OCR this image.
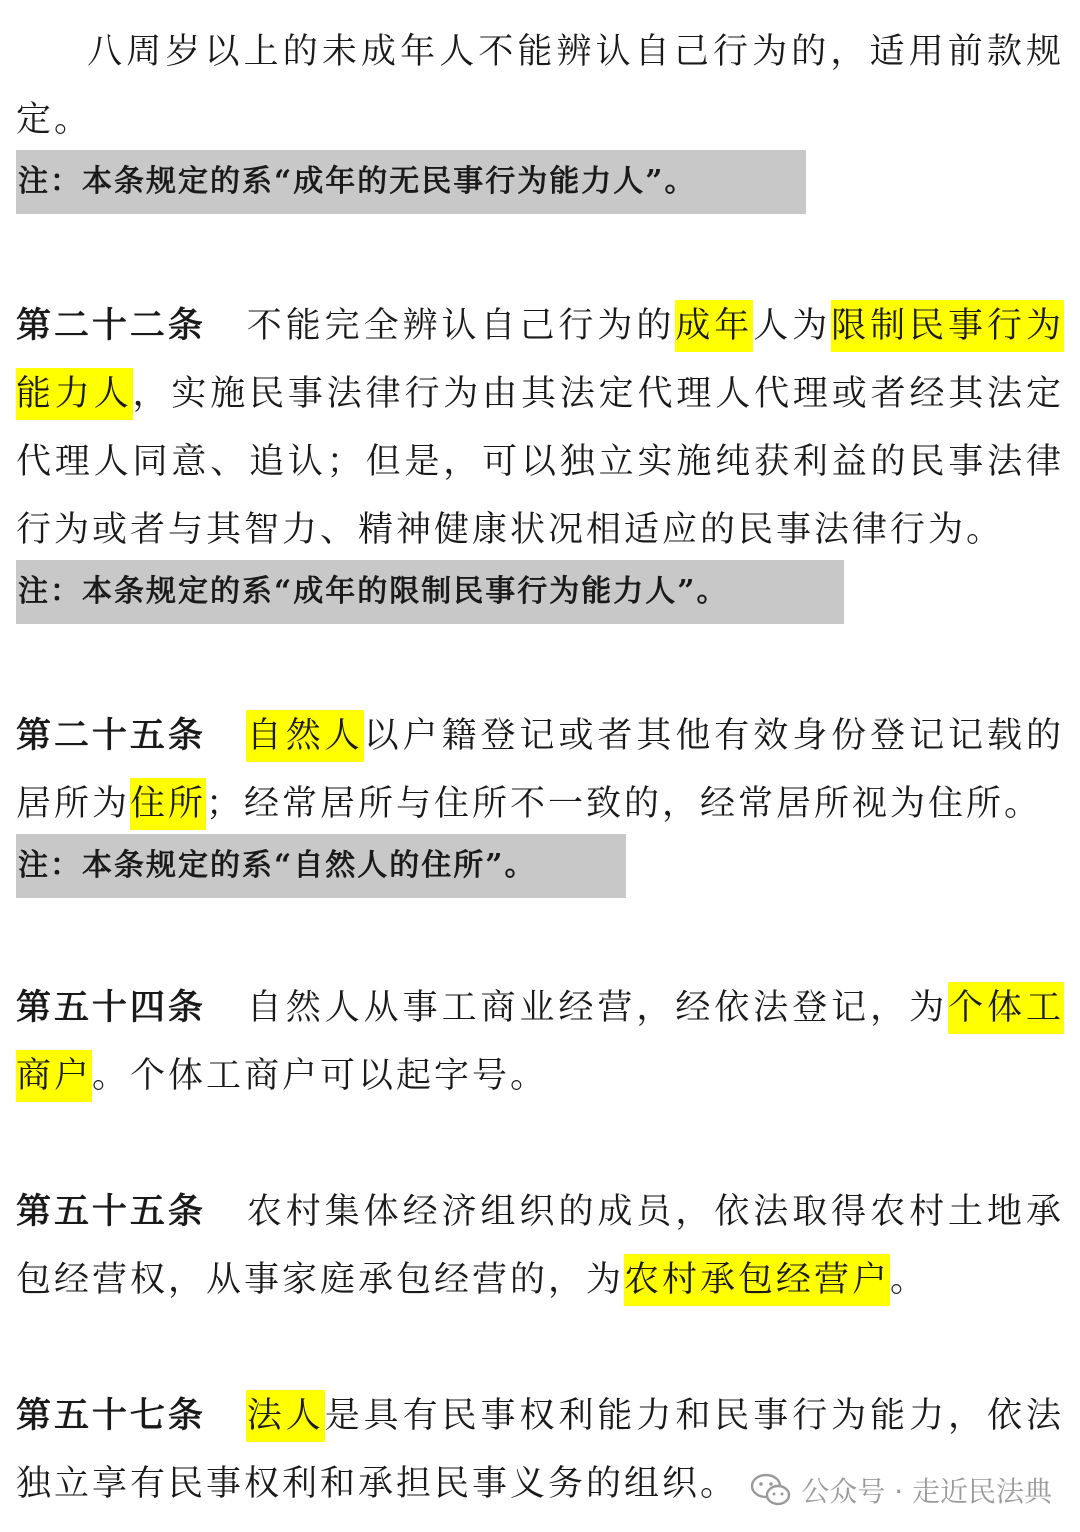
八周岁以上的未成年人不能辨认自己行为的，适用前款规
定。
注：本条规定的系“成年的无民事行为能力人”。
第二十二条 不能完全辨认自己行为的成年人为限制民事行为
能力人，实施民事法律行为由其法定代理人代理或者经其法定
代理人同意、追认；但是，可以独立实施纯获利益的民事法律
行为或者与其智力、精神健康状况相适应的民事法律行为。
注：本条规定的系“成年的限制民事行为能力人”。
第二十五条 自然人以户籍登记或者其他有效身份登记记载的
居所为住所；经常居所与住所不一致的，经常居所视为住所。
注：本条规定的系“自然人的住所”。
第五十四条 自然人从事工商业经营，经依法登记，为个体工
商户。个体工商户可以起字号。
第五十五条 农村集体经济组织的成员，依法取得农村土地承
包经营权，从事家庭承包经营的，为农村承包经营户。
第五十七条 法人是具有民事权利能力和民事行为能力，依法
独立享有民事权利和承担民事义务的组织。 公众号 · 走近民法典
